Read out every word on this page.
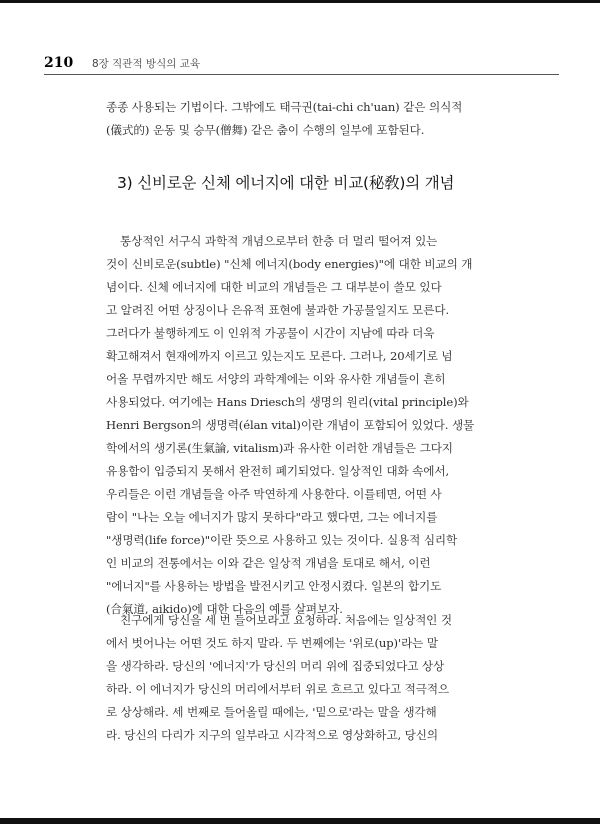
210	8장 직관적 방식의 교육
종종 사용되는 기법이다. 그밖에도 태극권(tai-chi ch'uan) 같은 의식적
(儀式的) 운동 및 승무(僧舞) 같은 춤이 수행의 일부에 포함된다.
3) 신비로운 신체 에너지에 대한 비교(秘敎)의 개념
통상적인 서구식 과학적 개념으로부터 한층 더 멀리 떨어져 있는
것이 신비로운(subtle) "신체 에너지(body energies)"에 대한 비교의 개
념이다. 신체 에너지에 대한 비교의 개념들은 그 대부분이 쓸모 있다
고 알려진 어떤 상징이나 은유적 표현에 불과한 가공물일지도 모른다.
그러다가 불행하게도 이 인위적 가공물이 시간이 지남에 따라 더욱
확고해져서 현재에까지 이르고 있는지도 모른다. 그러나, 20세기로 넘
어올 무렵까지만 해도 서양의 과학계에는 이와 유사한 개념들이 흔히
사용되었다. 여기에는 Hans Driesch의 생명의 원리(vital principle)와
Henri Bergson의 생명력(élan vital)이란 개념이 포함되어 있었다. 생물
학에서의 생기론(生氣論, vitalism)과 유사한 이러한 개념들은 그다지
유용함이 입증되지 못해서 완전히 폐기되었다. 일상적인 대화 속에서,
우리들은 이런 개념들을 아주 막연하게 사용한다. 이를테면, 어떤 사
람이 "나는 오늘 에너지가 많지 못하다"라고 했다면, 그는 에너지를
"생명력(life force)"이란 뜻으로 사용하고 있는 것이다. 실용적 심리학
인 비교의 전통에서는 이와 같은 일상적 개념을 토대로 해서, 이런
"에너지"를 사용하는 방법을 발전시키고 안정시켰다. 일본의 합기도
(合氣道, aikido)에 대한 다음의 예를 살펴보자.
친구에게 당신을 세 번 들어보라고 요청하라. 처음에는 일상적인 것
에서 벗어나는 어떤 것도 하지 말라. 두 번째에는 '위로(up)'라는 말
을 생각하라. 당신의 '에너지'가 당신의 머리 위에 집중되었다고 상상
하라. 이 에너지가 당신의 머리에서부터 위로 흐르고 있다고 적극적으
로 상상해라. 세 번째로 들어올릴 때에는, '밑으로'라는 말을 생각해
라. 당신의 다리가 지구의 일부라고 시각적으로 영상화하고, 당신의
